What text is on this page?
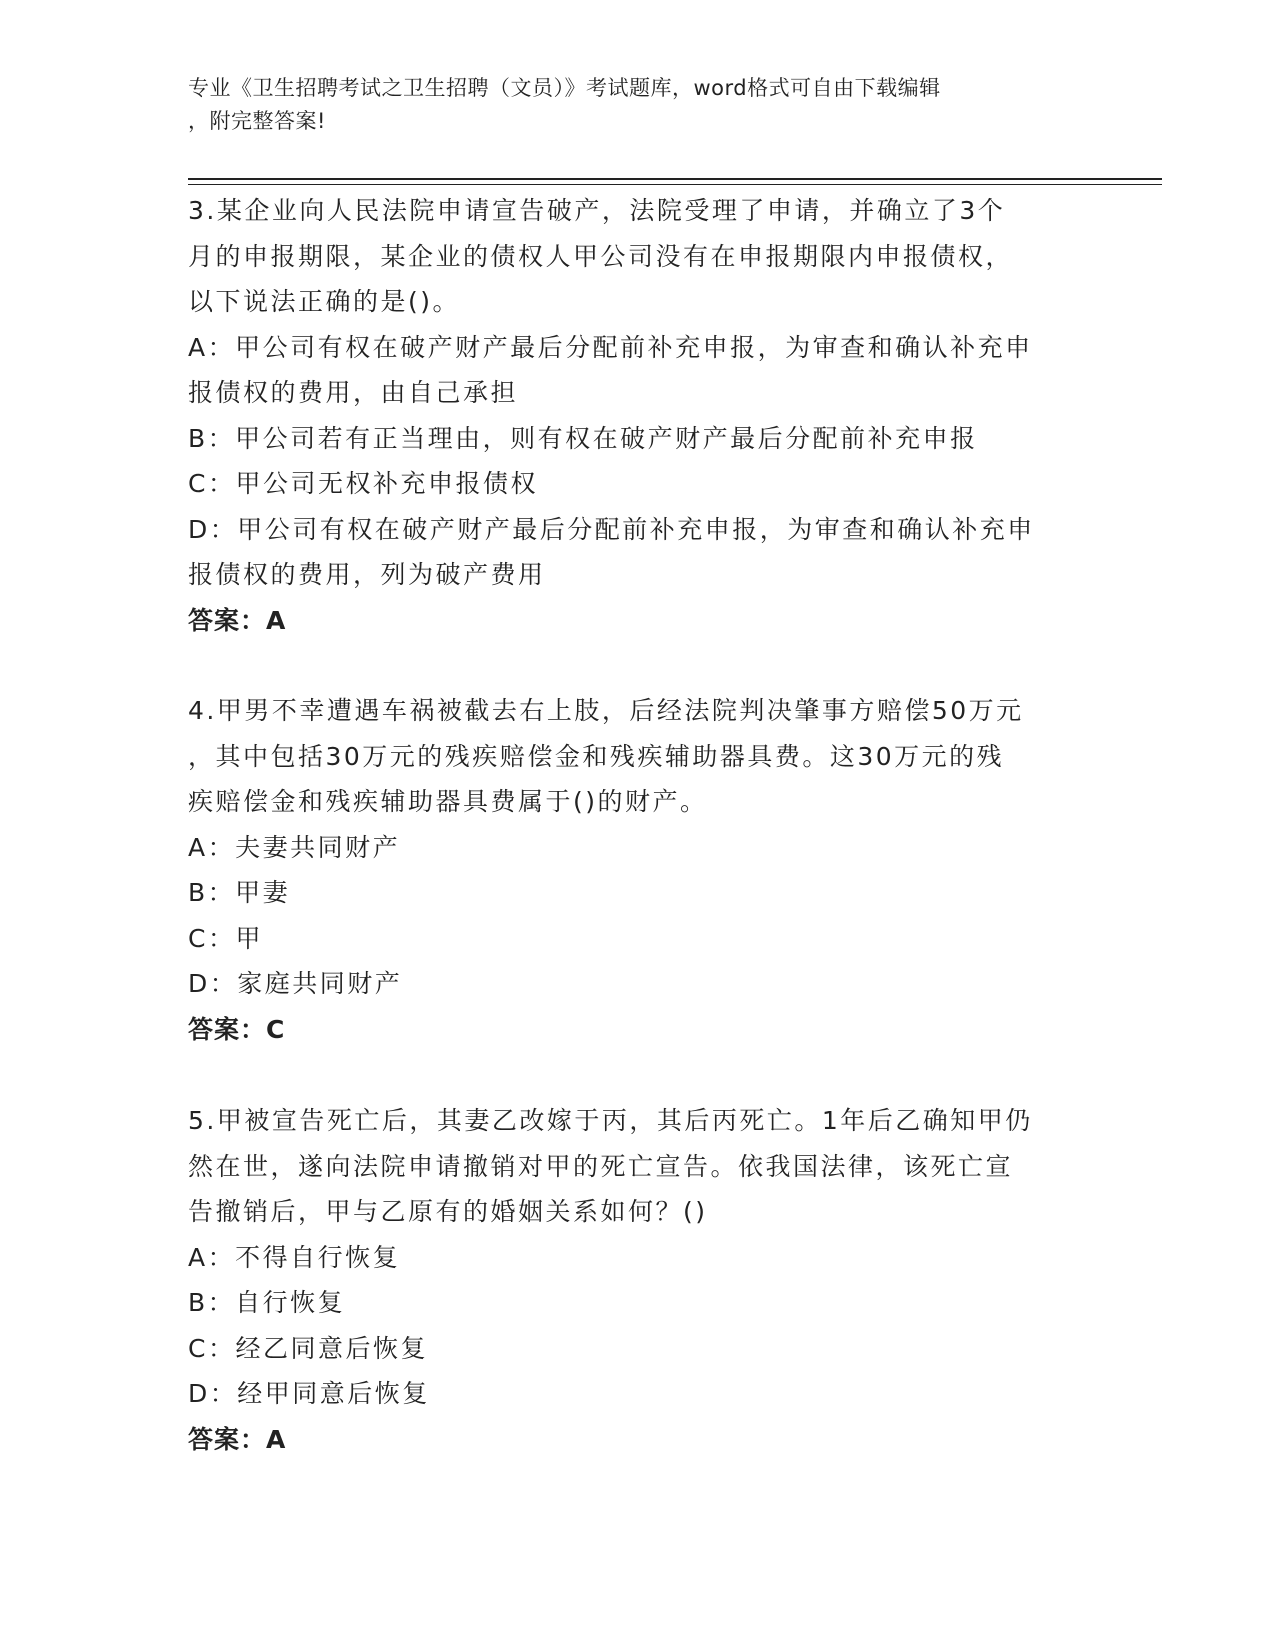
专业《卫生招聘考试之卫生招聘（文员）》考试题库，word格式可自由下载编辑
，附完整答案!

3.某企业向人民法院申请宣告破产，法院受理了申请，并确立了3个

月的申报期限，某企业的债权人甲公司没有在申报期限内申报债权，

以下说法正确的是()。

A：甲公司有权在破产财产最后分配前补充申报，为审查和确认补充申

报债权的费用，由自己承担

B：甲公司若有正当理由，则有权在破产财产最后分配前补充申报

C：甲公司无权补充申报债权

D：甲公司有权在破产财产最后分配前补充申报，为审查和确认补充申

报债权的费用，列为破产费用

答案：A

4.甲男不幸遭遇车祸被截去右上肢，后经法院判决肇事方赔偿50万元

，其中包括30万元的残疾赔偿金和残疾辅助器具费。这30万元的残

疾赔偿金和残疾辅助器具费属于()的财产。

A：夫妻共同财产

B：甲妻

C：甲

D：家庭共同财产

答案：C

5.甲被宣告死亡后，其妻乙改嫁于丙，其后丙死亡。1年后乙确知甲仍

然在世，遂向法院申请撤销对甲的死亡宣告。依我国法律，该死亡宣

告撤销后，甲与乙原有的婚姻关系如何？()

A：不得自行恢复

B：自行恢复

C：经乙同意后恢复

D：经甲同意后恢复

答案：A
